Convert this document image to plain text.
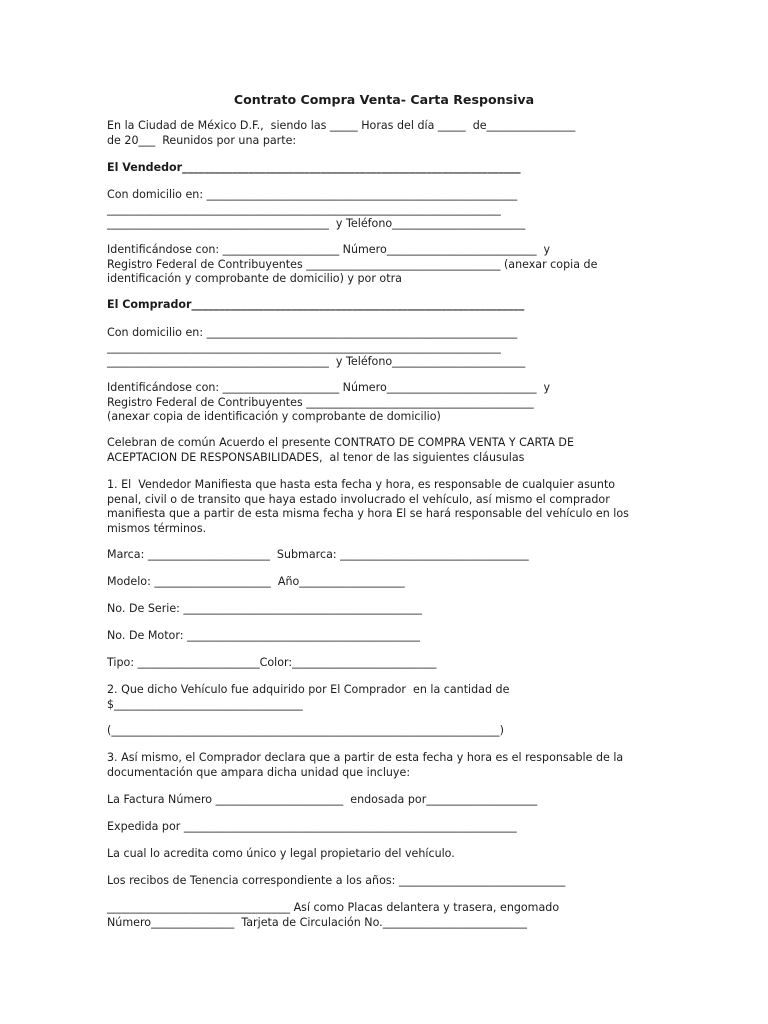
Contrato Compra Venta- Carta Responsiva
En la Ciudad de México D.F.,  siendo las _____ Horas del día _____  de________________
de 20___  Reunidos por una parte:
El Vendedor_____________________________________________________________
Con domicilio en: ________________________________________________________
_______________________________________________________________________
________________________________________  y Teléfono________________________
Identificándose con: _____________________ Número___________________________  y
Registro Federal de Contribuyentes ___________________________________ (anexar copia de
identificación y comprobante de domicilio) y por otra
El Comprador____________________________________________________________
Con domicilio en: ________________________________________________________
_______________________________________________________________________
________________________________________  y Teléfono________________________
Identificándose con: _____________________ Número___________________________  y
Registro Federal de Contribuyentes _________________________________________
(anexar copia de identificación y comprobante de domicilio)
Celebran de común Acuerdo el presente CONTRATO DE COMPRA VENTA Y CARTA DE
ACEPTACION DE RESPONSABILIDADES,  al tenor de las siguientes cláusulas
1. El  Vendedor Manifiesta que hasta esta fecha y hora, es responsable de cualquier asunto
penal, civil o de transito que haya estado involucrado el vehículo, así mismo el comprador
manifiesta que a partir de esta misma fecha y hora El se hará responsable del vehículo en los
mismos términos.
Marca: ______________________  Submarca: __________________________________
Modelo: _____________________  Año___________________
No. De Serie: ___________________________________________
No. De Motor: __________________________________________
Tipo: ______________________Color:__________________________
2. Que dicho Vehículo fue adquirido por El Comprador  en la cantidad de
$__________________________________
(______________________________________________________________________)
3. Así mismo, el Comprador declara que a partir de esta fecha y hora es el responsable de la
documentación que ampara dicha unidad que incluye:
La Factura Número _______________________  endosada por____________________
Expedida por ____________________________________________________________
La cual lo acredita como único y legal propietario del vehículo.
Los recibos de Tenencia correspondiente a los años: ______________________________
_________________________________ Así como Placas delantera y trasera, engomado
Número_______________  Tarjeta de Circulación No.__________________________
